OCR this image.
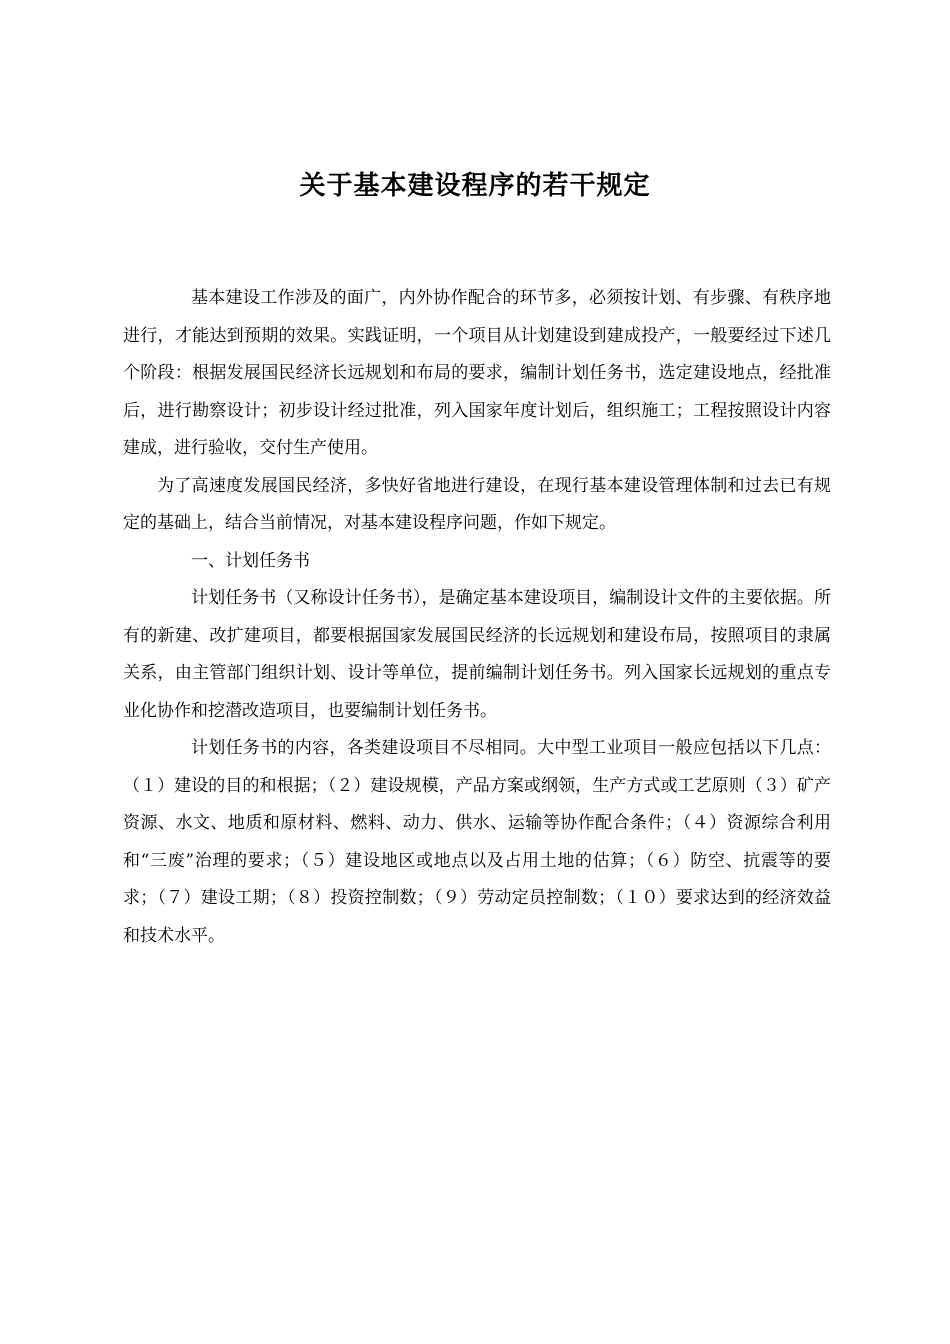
关于基本建设程序的若干规定

基本建设工作涉及的面广，内外协作配合的环节多，必须按计划、有步骤、有秩序地进行，才能达到预期的效果。实践证明，一个项目从计划建设到建成投产，一般要经过下述几个阶段：根据发展国民经济长远规划和布局的要求，编制计划任务书，选定建设地点，经批准后，进行勘察设计；初步设计经过批准，列入国家年度计划后，组织施工；工程按照设计内容建成，进行验收，交付生产使用。

为了高速度发展国民经济，多快好省地进行建设，在现行基本建设管理体制和过去已有规定的基础上，结合当前情况，对基本建设程序问题，作如下规定。

一、计划任务书

计划任务书（又称设计任务书），是确定基本建设项目，编制设计文件的主要依据。所有的新建、改扩建项目，都要根据国家发展国民经济的长远规划和建设布局，按照项目的隶属关系，由主管部门组织计划、设计等单位，提前编制计划任务书。列入国家长远规划的重点专业化协作和挖潜改造项目，也要编制计划任务书。

计划任务书的内容，各类建设项目不尽相同。大中型工业项目一般应包括以下几点：（１）建设的目的和根据；（２）建设规模，产品方案或纲领，生产方式或工艺原则（３）矿产资源、水文、地质和原材料、燃料、动力、供水、运输等协作配合条件；（４）资源综合利用和“三废”治理的要求；（５）建设地区或地点以及占用土地的估算；（６）防空、抗震等的要求；（７）建设工期；（８）投资控制数；（９）劳动定员控制数；（１０）要求达到的经济效益和技术水平。
